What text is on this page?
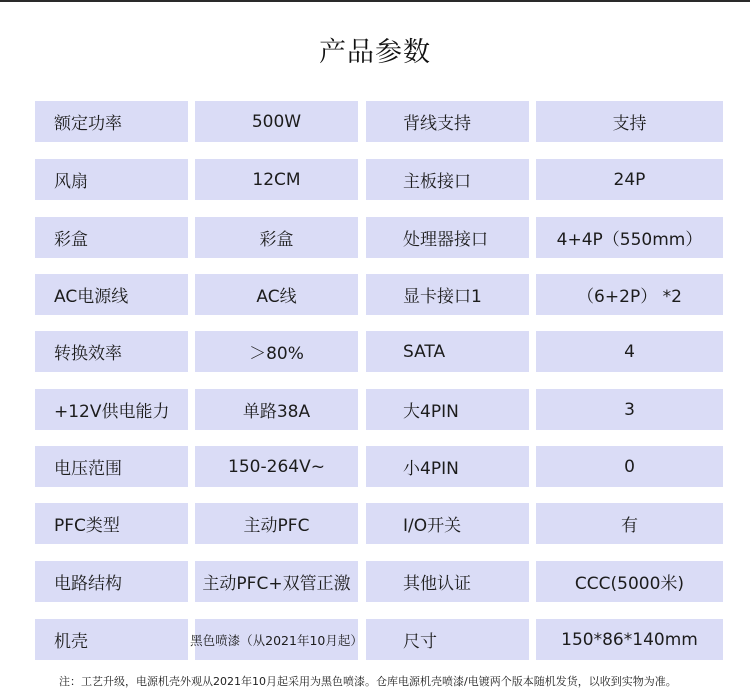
产品参数
额定功率	500W	背线支持	支持
风扇	12CM	主板接口	24P
彩盒	彩盒	处理器接口	4+4P（550mm）
AC电源线	AC线	显卡接口1	（6+2P） *2
转换效率	＞80%	SATA	4
+12V供电能力	单路38A	大4PIN	3
电压范围	150-264V~	小4PIN	0
PFC类型	主动PFC	I/O开关	有
电路结构	主动PFC+双管正激	其他认证	CCC(5000米)
机壳	黑色喷漆（从2021年10月起）	尺寸	150*86*140mm
注：工艺升级，电源机壳外观从2021年10月起采用为黑色喷漆。仓库电源机壳喷漆/电镀两个版本随机发货，以收到实物为准。
